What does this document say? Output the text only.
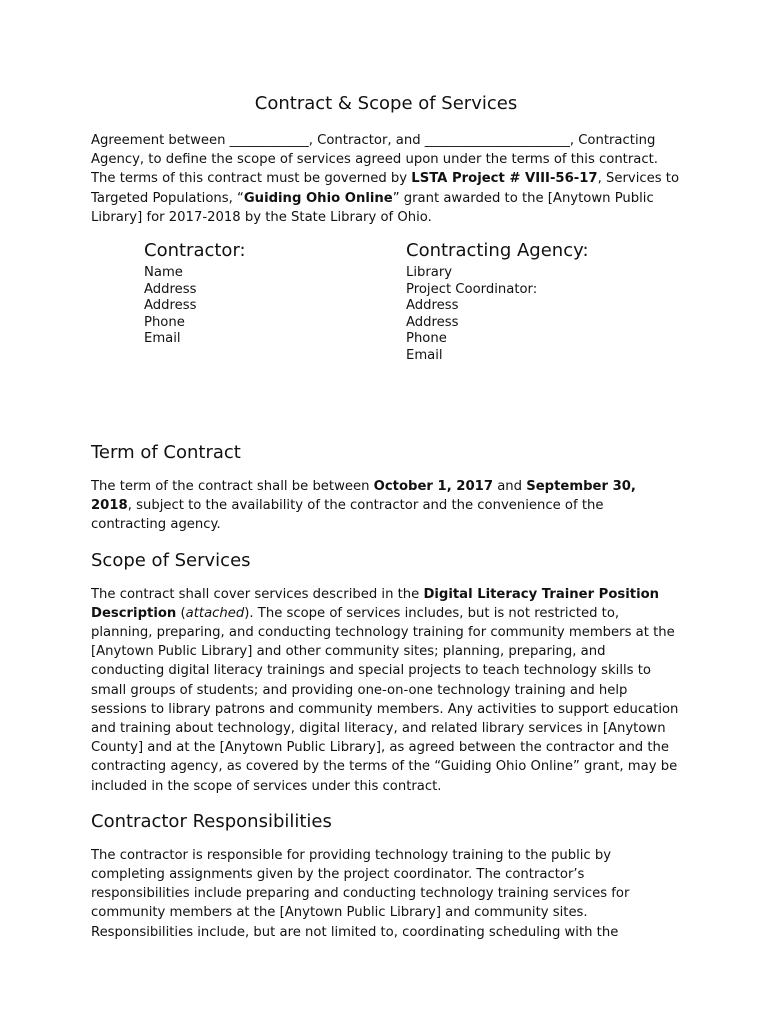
Contract & Scope of Services

Agreement between ____________, Contractor, and ______________________, Contracting Agency, to define the scope of services agreed upon under the terms of this contract. The terms of this contract must be governed by LSTA Project # VIII-56-17, Services to Targeted Populations, “Guiding Ohio Online” grant awarded to the [Anytown Public Library] for 2017-2018 by the State Library of Ohio.

Contractor:
Name
Address
Address
Phone
Email
Contracting Agency:
Library
Project Coordinator:
Address
Address
Phone
Email
Term of Contract

The term of the contract shall be between October 1, 2017 and September 30, 2018, subject to the availability of the contractor and the convenience of the contracting agency.

Scope of Services

The contract shall cover services described in the Digital Literacy Trainer Position Description (attached). The scope of services includes, but is not restricted to, planning, preparing, and conducting technology training for community members at the [Anytown Public Library] and other community sites; planning, preparing, and conducting digital literacy trainings and special projects to teach technology skills to small groups of students; and providing one-on-one technology training and help sessions to library patrons and community members. Any activities to support education and training about technology, digital literacy, and related library services in [Anytown County] and at the [Anytown Public Library], as agreed between the contractor and the contracting agency, as covered by the terms of the “Guiding Ohio Online” grant, may be included in the scope of services under this contract.

Contractor Responsibilities

The contractor is responsible for providing technology training to the public by completing assignments given by the project coordinator. The contractor’s responsibilities include preparing and conducting technology training services for community members at the [Anytown Public Library] and community sites. Responsibilities include, but are not limited to, coordinating scheduling with the
